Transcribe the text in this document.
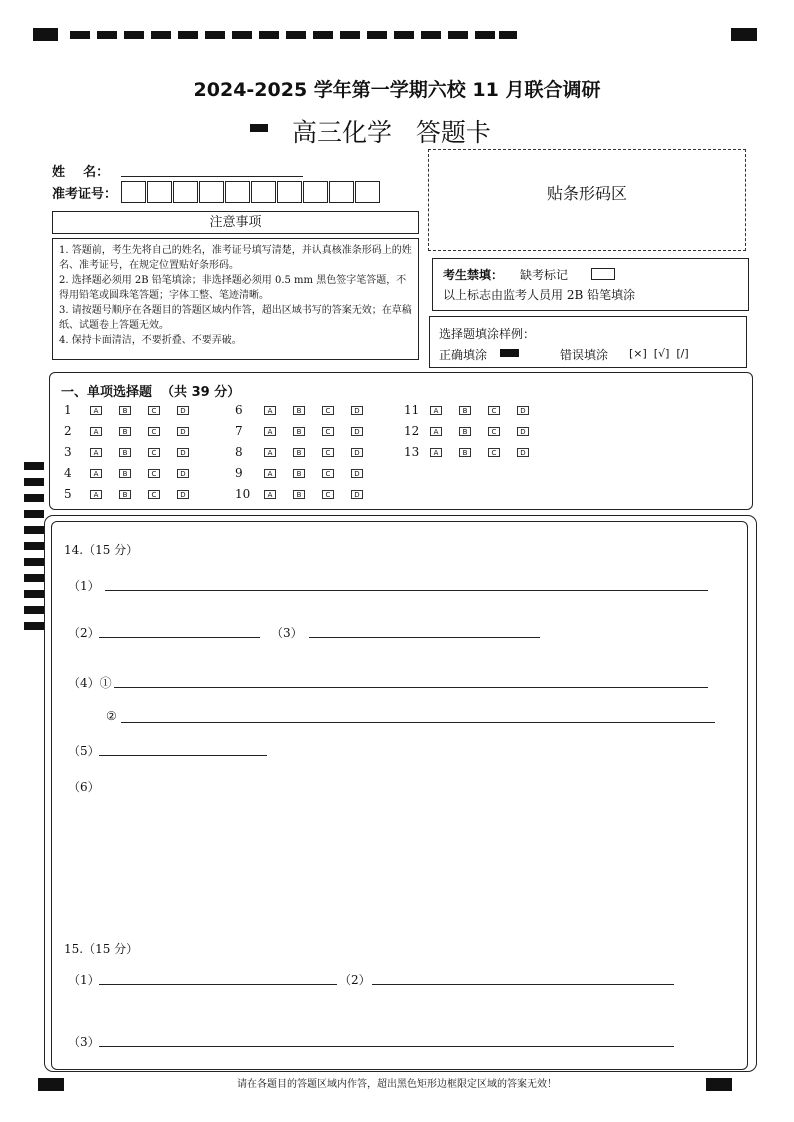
2024-2025 学年第一学期六校 11 月联合调研
高三化学   答题卡
姓    名：
准考证号：	贴条形码区
注意事项
1. 答题前，考生先将自己的姓名，准考证号填写清楚，并认真核准条形码上的姓名、准考证号，在规定位置贴好条形码。
2. 选择题必须用 2B 铅笔填涂；非选择题必须用 0.5 mm 黑色签字笔答题，不得用铅笔或圆珠笔答题；字体工整、笔迹清晰。
3. 请按题号顺序在各题目的答题区域内作答，超出区域书写的答案无效；在草稿纸、试题卷上答题无效。
4. 保持卡面清洁，不要折叠、不要弄破。
考生禁填： 缺考标记
以上标志由监考人员用 2B 铅笔填涂
选择题填涂样例：
正确填涂	错误填涂 [×]  [√]  [/]
一、单项选择题  （共 39 分）
1	A	B	C	D
2	A	B	C	D
3	A	B	C	D
4	A	B	C	D
5	A	B	C	D
6	A	B	C	D
7	A	B	C	D
8	A	B	C	D
9	A	B	C	D
10	A	B	C	D
11	A	B	C	D
12	A	B	C	D
13	A	B	C	D
14.（15 分）
（1）
（2）	（3）
（4）①
②
（5）
（6）
15.（15 分）
（1）	（2）
（3）
请在各题目的答题区域内作答，超出黑色矩形边框限定区域的答案无效！
